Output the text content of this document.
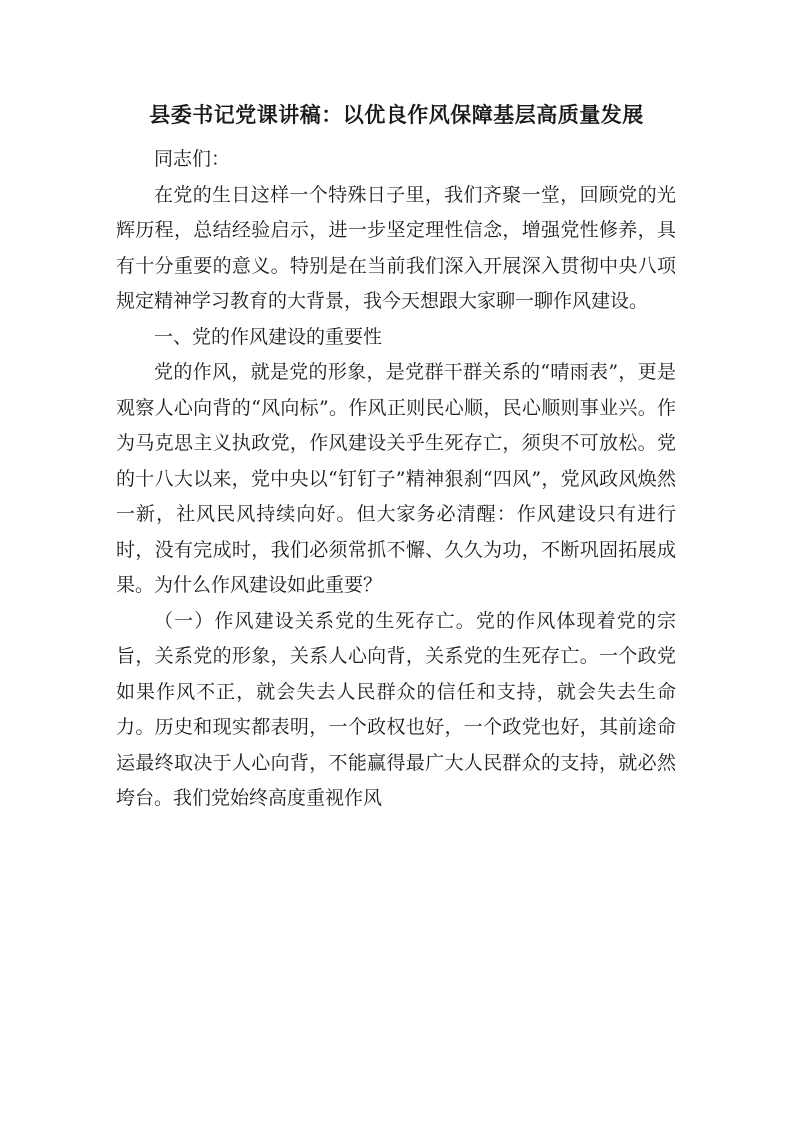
县委书记党课讲稿：以优良作风保障基层高质量发展

同志们：

在党的生日这样一个特殊日子里，我们齐聚一堂，回顾党的光辉历程，总结经验启示，进一步坚定理性信念，增强党性修养，具有十分重要的意义。特别是在当前我们深入开展深入贯彻中央八项规定精神学习教育的大背景，我今天想跟大家聊一聊作风建设。

一、党的作风建设的重要性

党的作风，就是党的形象，是党群干群关系的“晴雨表”，更是观察人心向背的“风向标”。作风正则民心顺，民心顺则事业兴。作为马克思主义执政党，作风建设关乎生死存亡，须臾不可放松。党的十八大以来，党中央以“钉钉子”精神狠刹“四风”，党风政风焕然一新，社风民风持续向好。但大家务必清醒：作风建设只有进行时，没有完成时，我们必须常抓不懈、久久为功，不断巩固拓展成果。为什么作风建设如此重要？

（一）作风建设关系党的生死存亡。党的作风体现着党的宗旨，关系党的形象，关系人心向背，关系党的生死存亡。一个政党如果作风不正，就会失去人民群众的信任和支持，就会失去生命力。历史和现实都表明，一个政权也好，一个政党也好，其前途命运最终取决于人心向背，不能赢得最广大人民群众的支持，就必然垮台。我们党始终高度重视作风
